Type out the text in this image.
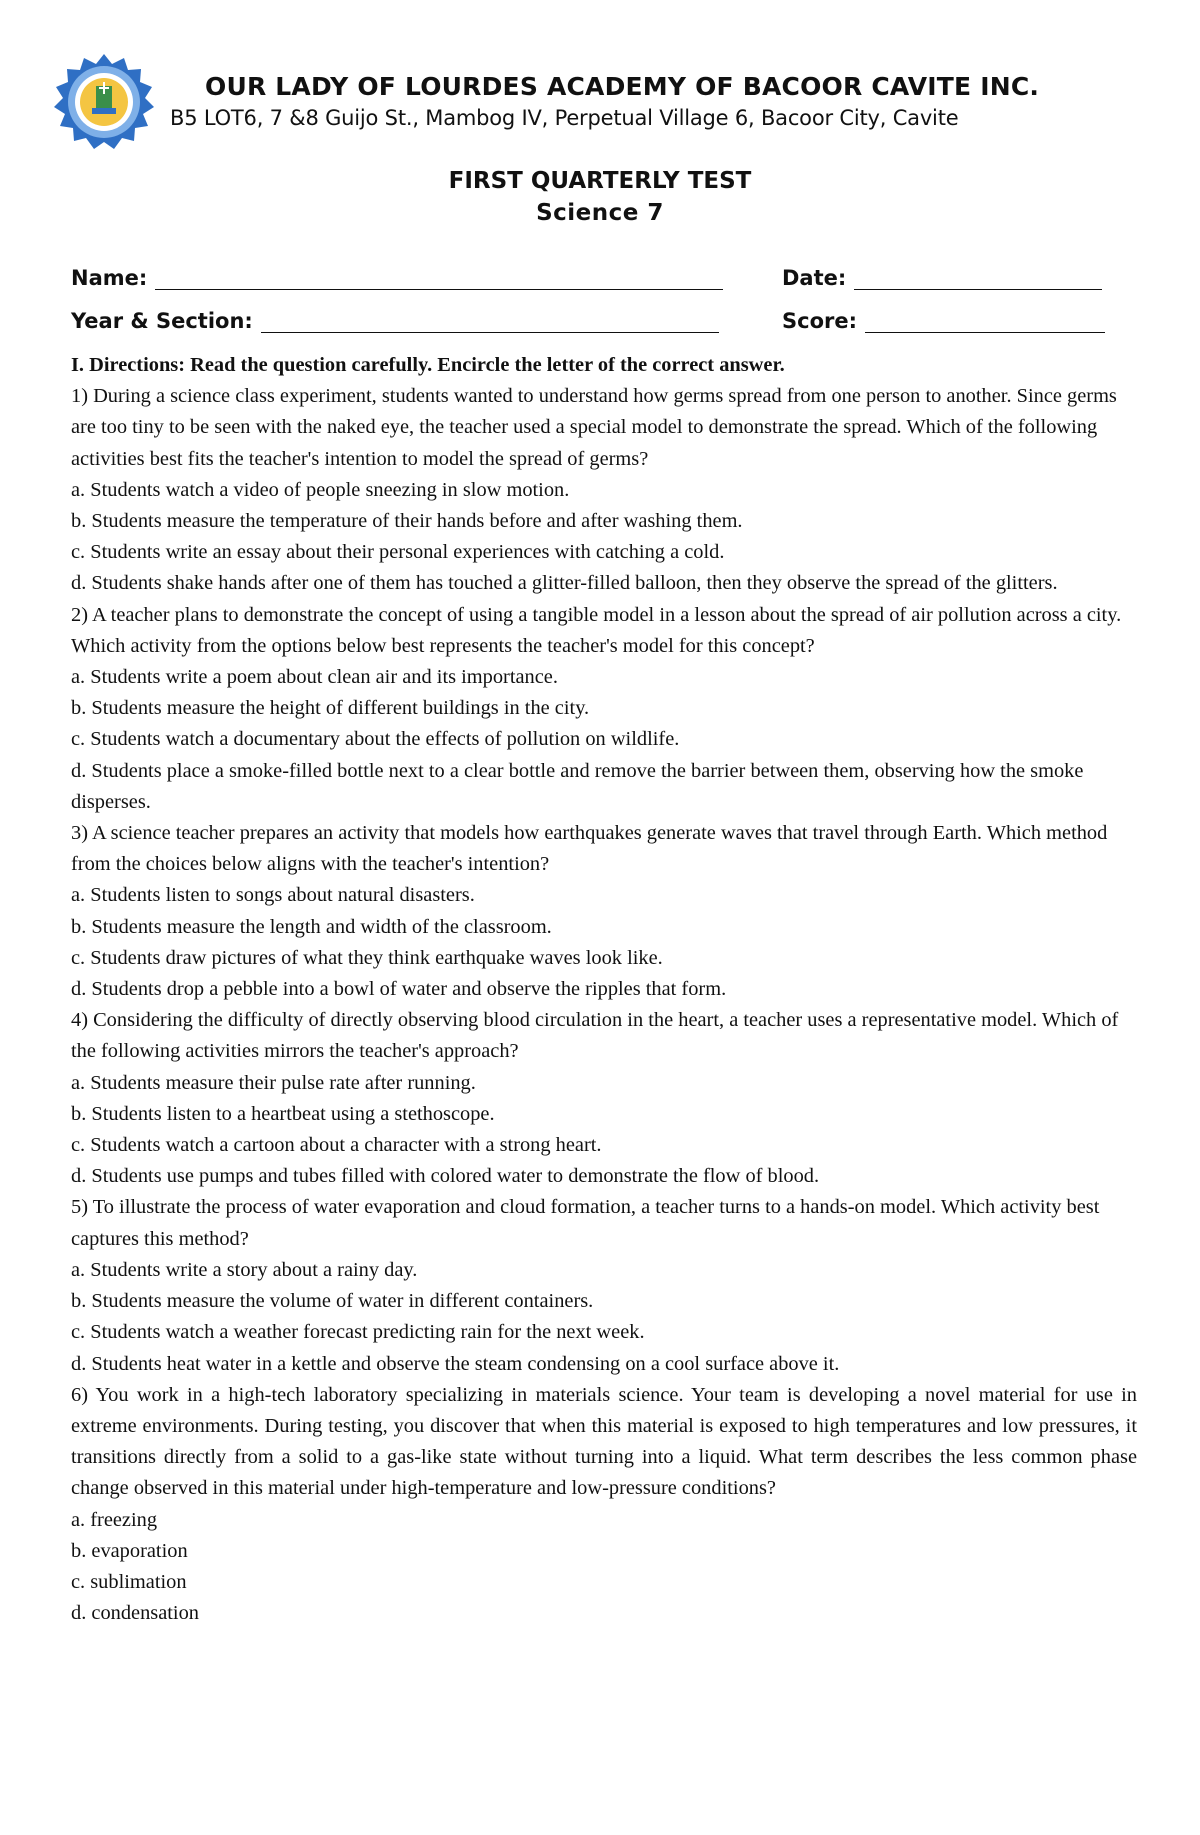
OUR LADY OF LOURDES ACADEMY OF BACOOR CAVITE INC.
B5 LOT6, 7 &8 Guijo St., Mambog IV, Perpetual Village 6, Bacoor City, Cavite
FIRST QUARTERLY TEST
Science 7
Name:	Date:
Year & Section:	Score:

I. Directions: Read the question carefully. Encircle the letter of the correct answer.

1) During a science class experiment, students wanted to understand how germs spread from one person to another. Since germs are too tiny to be seen with the naked eye, the teacher used a special model to demonstrate the spread. Which of the following activities best fits the teacher's intention to model the spread of germs?

a. Students watch a video of people sneezing in slow motion.

b. Students measure the temperature of their hands before and after washing them.

c. Students write an essay about their personal experiences with catching a cold.

d. Students shake hands after one of them has touched a glitter-filled balloon, then they observe the spread of the glitters.

2) A teacher plans to demonstrate the concept of using a tangible model in a lesson about the spread of air pollution across a city. Which activity from the options below best represents the teacher's model for this concept?

a. Students write a poem about clean air and its importance.

b. Students measure the height of different buildings in the city.

c. Students watch a documentary about the effects of pollution on wildlife.

d. Students place a smoke-filled bottle next to a clear bottle and remove the barrier between them, observing how the smoke disperses.

3) A science teacher prepares an activity that models how earthquakes generate waves that travel through Earth. Which method from the choices below aligns with the teacher's intention?

a. Students listen to songs about natural disasters.

b. Students measure the length and width of the classroom.

c. Students draw pictures of what they think earthquake waves look like.

d. Students drop a pebble into a bowl of water and observe the ripples that form.

4) Considering the difficulty of directly observing blood circulation in the heart, a teacher uses a representative model. Which of the following activities mirrors the teacher's approach?

a. Students measure their pulse rate after running.

b. Students listen to a heartbeat using a stethoscope.

c. Students watch a cartoon about a character with a strong heart.

d. Students use pumps and tubes filled with colored water to demonstrate the flow of blood.

5) To illustrate the process of water evaporation and cloud formation, a teacher turns to a hands-on model. Which activity best captures this method?

a. Students write a story about a rainy day.

b. Students measure the volume of water in different containers.

c. Students watch a weather forecast predicting rain for the next week.

d. Students heat water in a kettle and observe the steam condensing on a cool surface above it.

6) You work in a high-tech laboratory specializing in materials science. Your team is developing a novel material for use in extreme environments. During testing, you discover that when this material is exposed to high temperatures and low pressures, it transitions directly from a solid to a gas-like state without turning into a liquid. What term describes the less common phase change observed in this material under high-temperature and low-pressure conditions?

a. freezing

b. evaporation

c. sublimation

d. condensation
